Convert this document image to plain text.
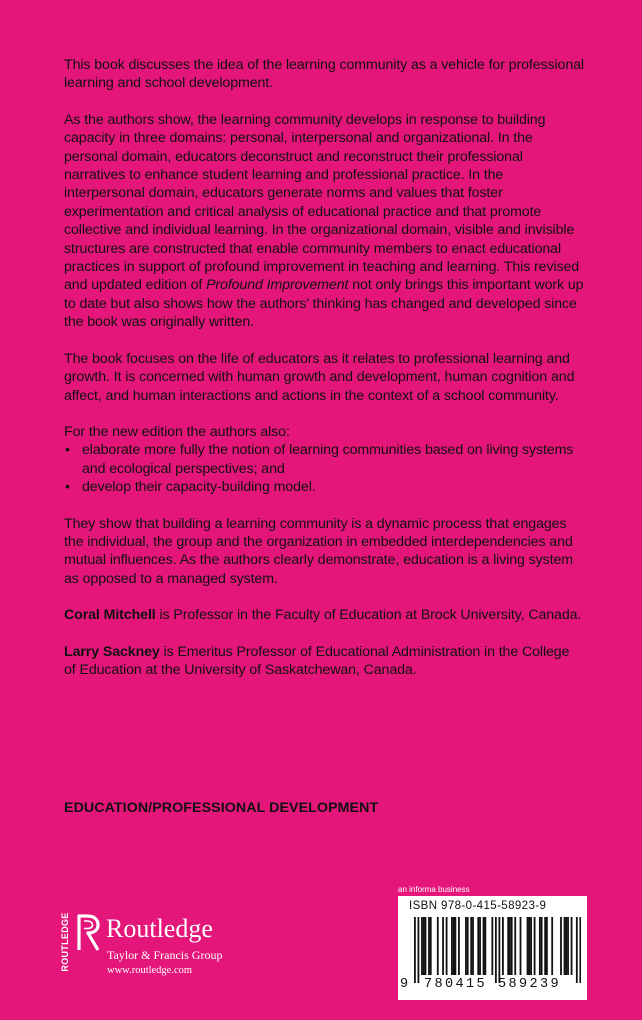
This book discusses the idea of the learning community as a vehicle for professional learning and school development.

As the authors show, the learning community develops in response to building capacity in three domains: personal, interpersonal and organizational. In the personal domain, educators deconstruct and reconstruct their professional narratives to enhance student learning and professional practice. In the interpersonal domain, educators generate norms and values that foster experimentation and critical analysis of educational practice and that promote collective and individual learning. In the organizational domain, visible and invisible structures are constructed that enable community members to enact educational practices in support of profound improvement in teaching and learning. This revised and updated edition of Profound Improvement not only brings this important work up to date but also shows how the authors’ thinking has changed and developed since the book was originally written.

The book focuses on the life of educators as it relates to professional learning and growth. It is concerned with human growth and development, human cognition and affect, and human interactions and actions in the context of a school community.

For the new edition the authors also:
• elaborate more fully the notion of learning communities based on living systems and ecological perspectives; and
• develop their capacity-building model.

They show that building a learning community is a dynamic process that engages the individual, the group and the organization in embedded interdependencies and mutual influences. As the authors clearly demonstrate, education is a living system as opposed to a managed system.

Coral Mitchell is Professor in the Faculty of Education at Brock University, Canada.

Larry Sackney is Emeritus Professor of Educational Administration in the College of Education at the University of Saskatchewan, Canada.

EDUCATION/PROFESSIONAL DEVELOPMENT
ROUTLEDGE Routledge
Taylor & Francis Group
www.routledge.com
an informa business
ISBN 978-0-415-58923-9
9 780415 589239
